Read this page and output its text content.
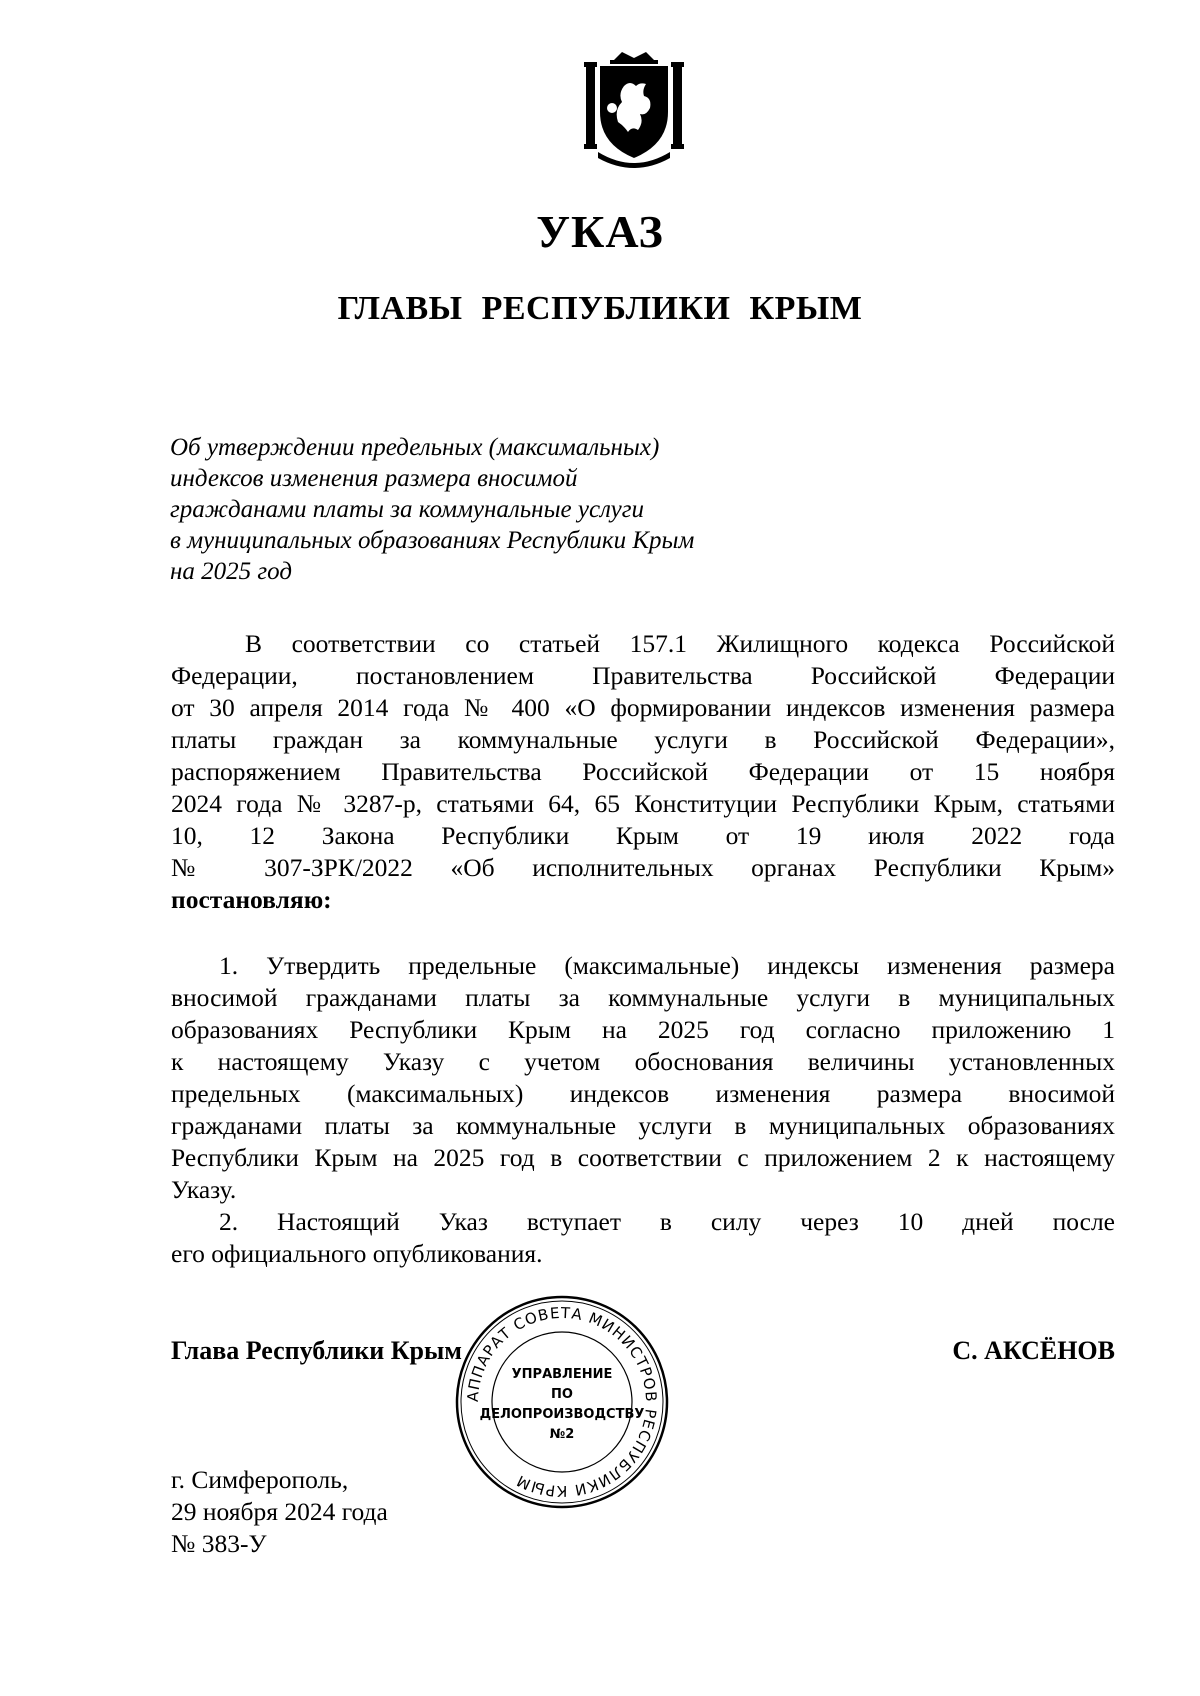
УКАЗ
ГЛАВЫ РЕСПУБЛИКИ КРЫМ
Об утверждении предельных (максимальных)
индексов изменения размера вносимой
гражданами платы за коммунальные услуги
в муниципальных образованиях Республики Крым
на 2025 год
В соответствии со статьей 157.1 Жилищного кодекса Российской
Федерации, постановлением Правительства Российской Федерации
от 30 апреля 2014 года № 400 «О формировании индексов изменения размера
платы граждан за коммунальные услуги в Российской Федерации»,
распоряжением Правительства Российской Федерации от 15 ноября
2024 года № 3287-р, статьями 64, 65 Конституции Республики Крым, статьями
10, 12 Закона Республики Крым от 19 июля 2022 года
№ 307-ЗРК/2022 «Об исполнительных органах Республики Крым»
постановляю:
1. Утвердить предельные (максимальные) индексы изменения размера
вносимой гражданами платы за коммунальные услуги в муниципальных
образованиях Республики Крым на 2025 год согласно приложению 1
к настоящему Указу с учетом обоснования величины установленных
предельных (максимальных) индексов изменения размера вносимой
гражданами платы за коммунальные услуги в муниципальных образованиях
Республики Крым на 2025 год в соответствии с приложением 2 к настоящему
Указу.
2. Настоящий Указ вступает в силу через 10 дней после
его официального опубликования.
Глава Республики Крым	С. АКСЁНОВ
АППАРАТ СОВЕТА МИНИСТРОВ РЕСПУБЛИКИ КРЫМ
УПРАВЛЕНИЕ
ПО
ДЕЛОПРОИЗВОДСТВУ
№2
г. Симферополь,
29 ноября 2024 года
№ 383-У
